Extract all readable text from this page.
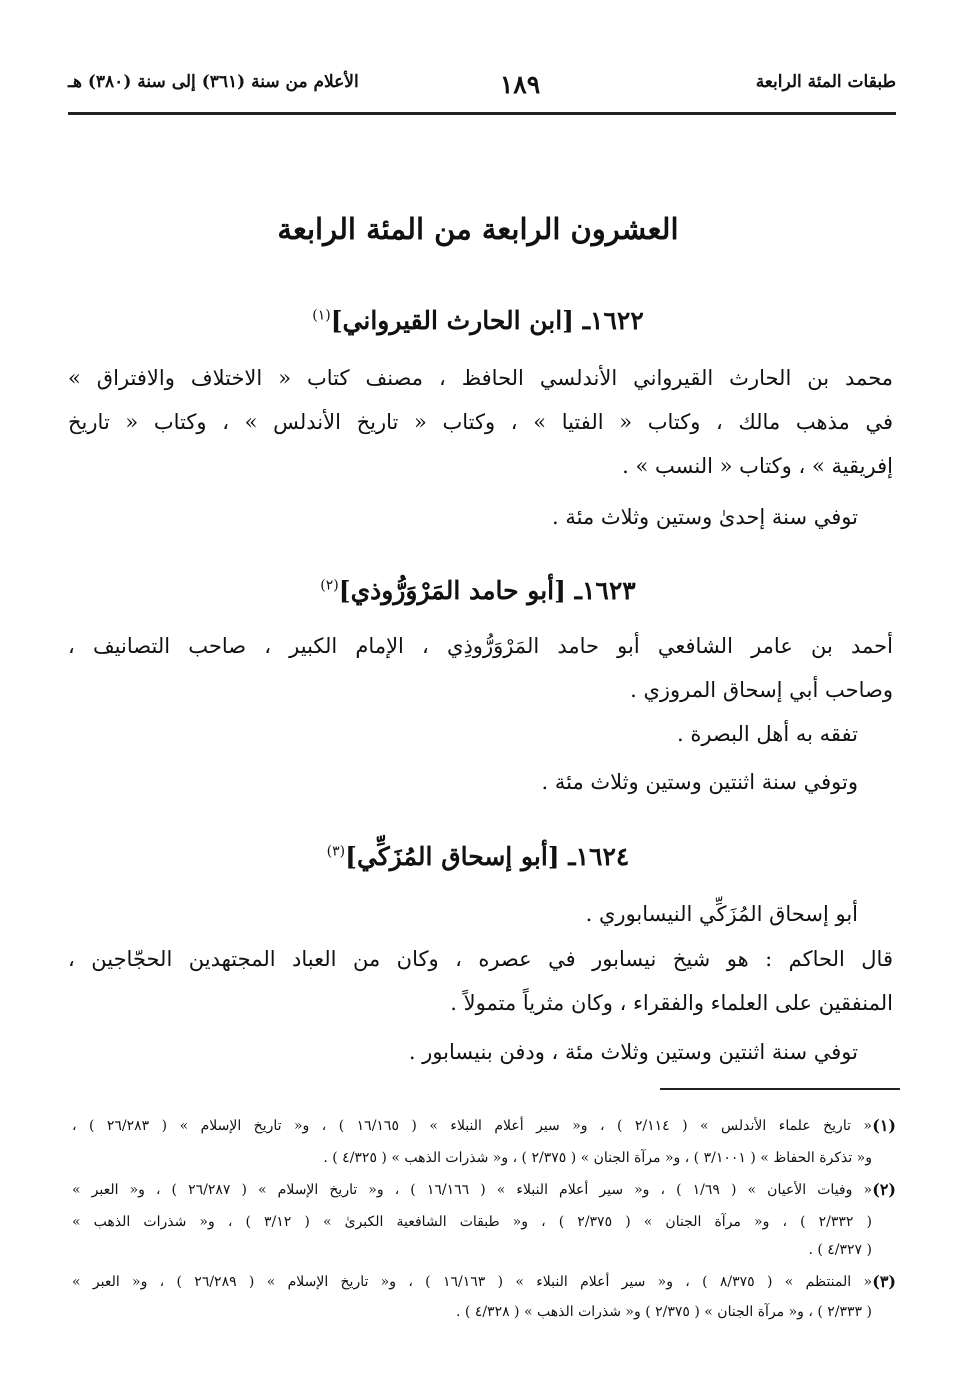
طبقات المئة الرابعة
١٨٩
الأعلام من سنة (٣٦١) إلى سنة (٣٨٠) هـ
العشرون الرابعة من المئة الرابعة
١٦٢٢ـ [ابن الحارث القيرواني]$^{(١)}$
محمد بن الحارث القيرواني الأندلسي الحافظ ، مصنف كتاب « الاختلاف والافتراق »
في مذهب مالك ، وكتاب « الفتيا » ، وكتاب « تاريخ الأندلس » ، وكتاب « تاريخ
إفريقية » ، وكتاب « النسب » .
توفي سنة إحدىٰ وستين وثلاث مئة .
١٦٢٣ـ [أبو حامد المَرْوَرُّوذي]$^{(٢)}$
أحمد بن عامر الشافعي أبو حامد المَرْوَرُّوذِي ، الإمام الكبير ، صاحب التصانيف ،
وصاحب أبي إسحاق المروزي .
تفقه به أهل البصرة .
وتوفي سنة اثنتين وستين وثلاث مئة .
١٦٢٤ـ [أبو إسحاق المُزَكِّي]$^{(٣)}$
أبو إسحاق المُزَكِّي النيسابوري .
قال الحاكم : هو شيخ نيسابور في عصره ، وكان من العباد المجتهدين الحجّاجين ،
المنفقين على العلماء والفقراء ، وكان مثرياً متمولاً .
توفي سنة اثنتين وستين وثلاث مئة ، ودفن بنيسابور .
(١)
« تاريخ علماء الأندلس » ( ٢/١١٤ ) ، و« سير أعلام النبلاء » ( ١٦/١٦٥ ) ، و« تاريخ الإسلام » ( ٢٦/٢٨٣ ) ،
و« تذكرة الحفاظ » ( ٣/١٠٠١ ) ، و« مرآة الجنان » ( ٢/٣٧٥ ) ، و« شذرات الذهب » ( ٤/٣٢٥ ) .
(٢)
« وفيات الأعيان » ( ١/٦٩ ) ، و« سير أعلام النبلاء » ( ١٦/١٦٦ ) ، و« تاريخ الإسلام » ( ٢٦/٢٨٧ ) ، و« العبر »
( ٢/٣٣٢ ) ، و« مرآة الجنان » ( ٢/٣٧٥ ) ، و« طبقات الشافعية الكبرىٰ » ( ٣/١٢ ) ، و« شذرات الذهب »
( ٤/٣٢٧ ) .
(٣)
« المنتظم » ( ٨/٣٧٥ ) ، و« سير أعلام النبلاء » ( ١٦/١٦٣ ) ، و« تاريخ الإسلام » ( ٢٦/٢٨٩ ) ، و« العبر »
( ٢/٣٣٣ ) ، و« مرآة الجنان » ( ٢/٣٧٥ ) و« شذرات الذهب » ( ٤/٣٢٨ ) .
